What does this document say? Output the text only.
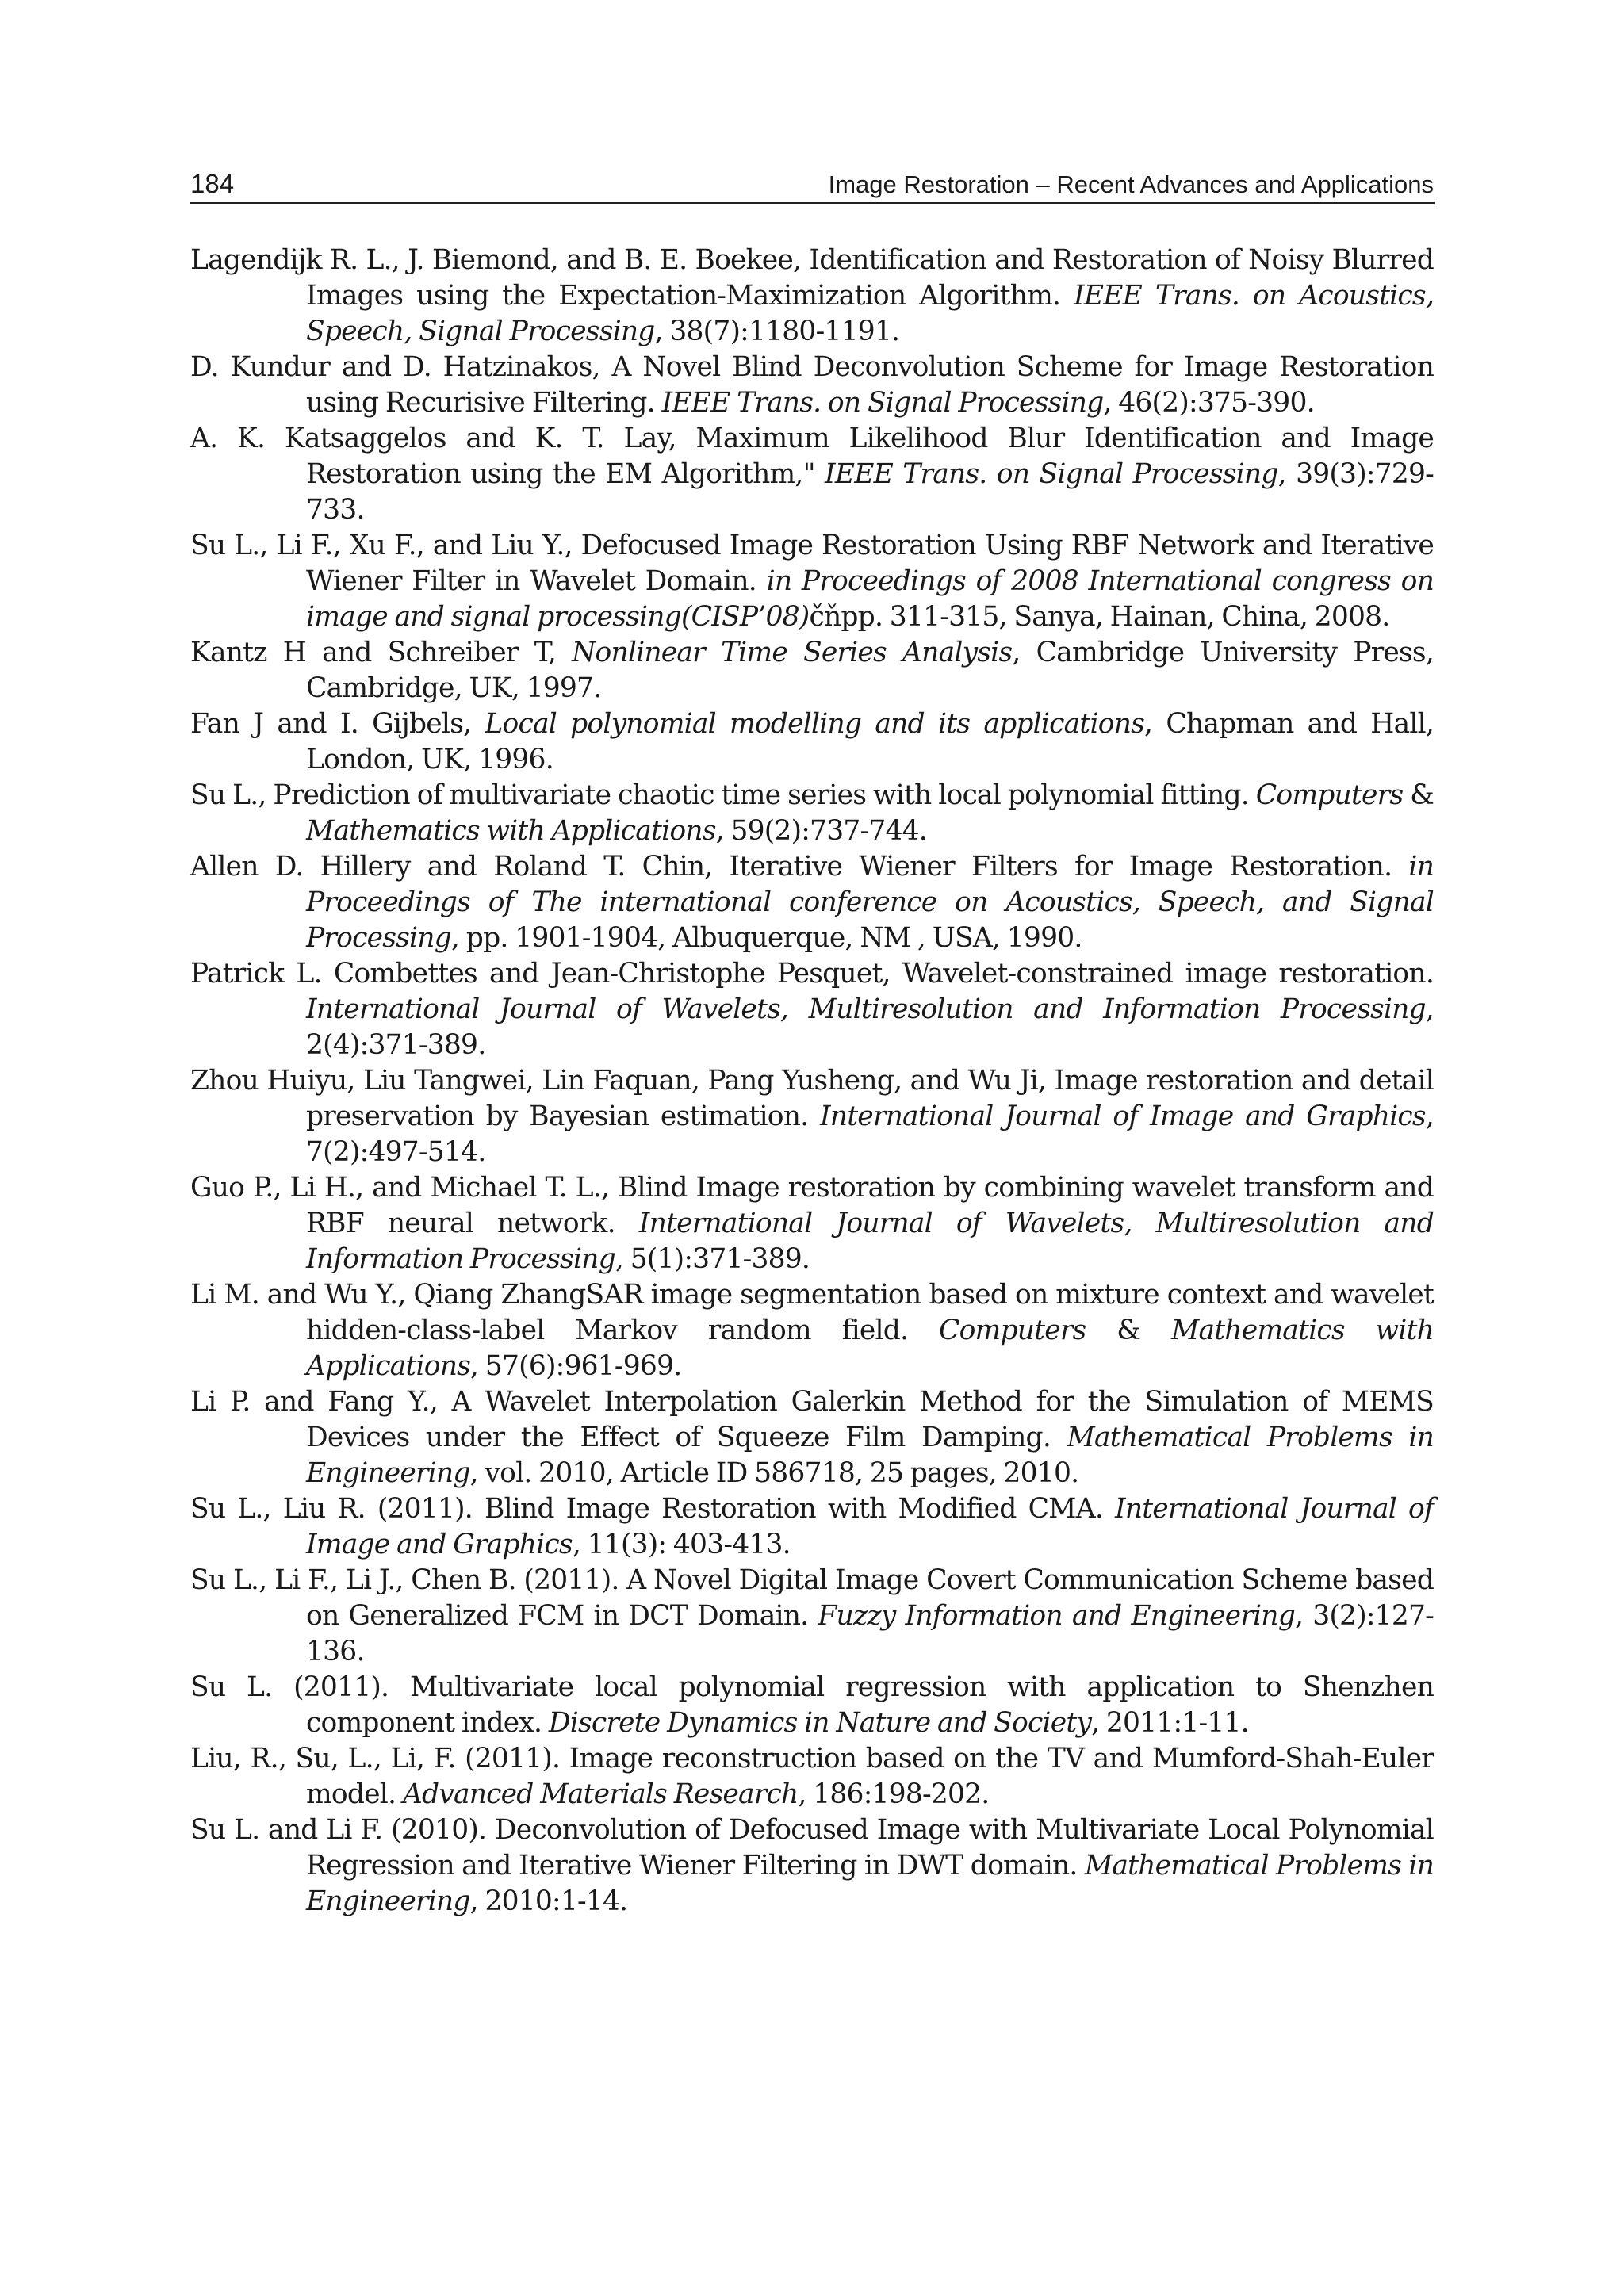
184	Image Restoration – Recent Advances and Applications

Lagendijk R. L., J. Biemond, and B. E. Boekee, Identification and Restoration of Noisy Blurred Images using the Expectation-Maximization Algorithm. IEEE Trans. on Acoustics, Speech, Signal Processing, 38(7):1180-1191.

D. Kundur and D. Hatzinakos, A Novel Blind Deconvolution Scheme for Image Restoration using Recurisive Filtering. IEEE Trans. on Signal Processing, 46(2):375-390.

A. K. Katsaggelos and K. T. Lay, Maximum Likelihood Blur Identification and Image Restoration using the EM Algorithm," IEEE Trans. on Signal Processing, 39(3):729-733.

Su L., Li F., Xu F., and Liu Y., Defocused Image Restoration Using RBF Network and Iterative Wiener Filter in Wavelet Domain. in Proceedings of 2008 International congress on image and signal processing(CISP’08)čňpp. 311-315, Sanya, Hainan, China, 2008.

Kantz H and Schreiber T, Nonlinear Time Series Analysis, Cambridge University Press, Cambridge, UK, 1997.

Fan J and I. Gijbels, Local polynomial modelling and its applications, Chapman and Hall, London, UK, 1996.

Su L., Prediction of multivariate chaotic time series with local polynomial fitting. Computers & Mathematics with Applications, 59(2):737-744.

Allen D. Hillery and Roland T. Chin, Iterative Wiener Filters for Image Restoration. in Proceedings of The international conference on Acoustics, Speech, and Signal Processing, pp. 1901-1904, Albuquerque, NM , USA, 1990.

Patrick L. Combettes and Jean-Christophe Pesquet, Wavelet-constrained image restoration. International Journal of Wavelets, Multiresolution and Information Processing, 2(4):371-389.

Zhou Huiyu, Liu Tangwei, Lin Faquan, Pang Yusheng, and Wu Ji, Image restoration and detail preservation by Bayesian estimation. International Journal of Image and Graphics, 7(2):497-514.

Guo P., Li H., and Michael T. L., Blind Image restoration by combining wavelet transform and RBF neural network. International Journal of Wavelets, Multiresolution and Information Processing, 5(1):371-389.

Li M. and Wu Y., Qiang ZhangSAR image segmentation based on mixture context and wavelet hidden-class-label Markov random field. Computers & Mathematics with Applications, 57(6):961-969.

Li P. and Fang Y., A Wavelet Interpolation Galerkin Method for the Simulation of MEMS Devices under the Effect of Squeeze Film Damping. Mathematical Problems in Engineering, vol. 2010, Article ID 586718, 25 pages, 2010.

Su L., Liu R. (2011). Blind Image Restoration with Modified CMA. International Journal of Image and Graphics, 11(3): 403-413.

Su L., Li F., Li J., Chen B. (2011). A Novel Digital Image Covert Communication Scheme based on Generalized FCM in DCT Domain. Fuzzy Information and Engineering, 3(2):127-136.

Su L. (2011). Multivariate local polynomial regression with application to Shenzhen component index. Discrete Dynamics in Nature and Society, 2011:1-11.

Liu, R., Su, L., Li, F. (2011). Image reconstruction based on the TV and Mumford-Shah-Euler model. Advanced Materials Research, 186:198-202.

Su L. and Li F. (2010). Deconvolution of Defocused Image with Multivariate Local Polynomial Regression and Iterative Wiener Filtering in DWT domain. Mathematical Problems in Engineering, 2010:1-14.
